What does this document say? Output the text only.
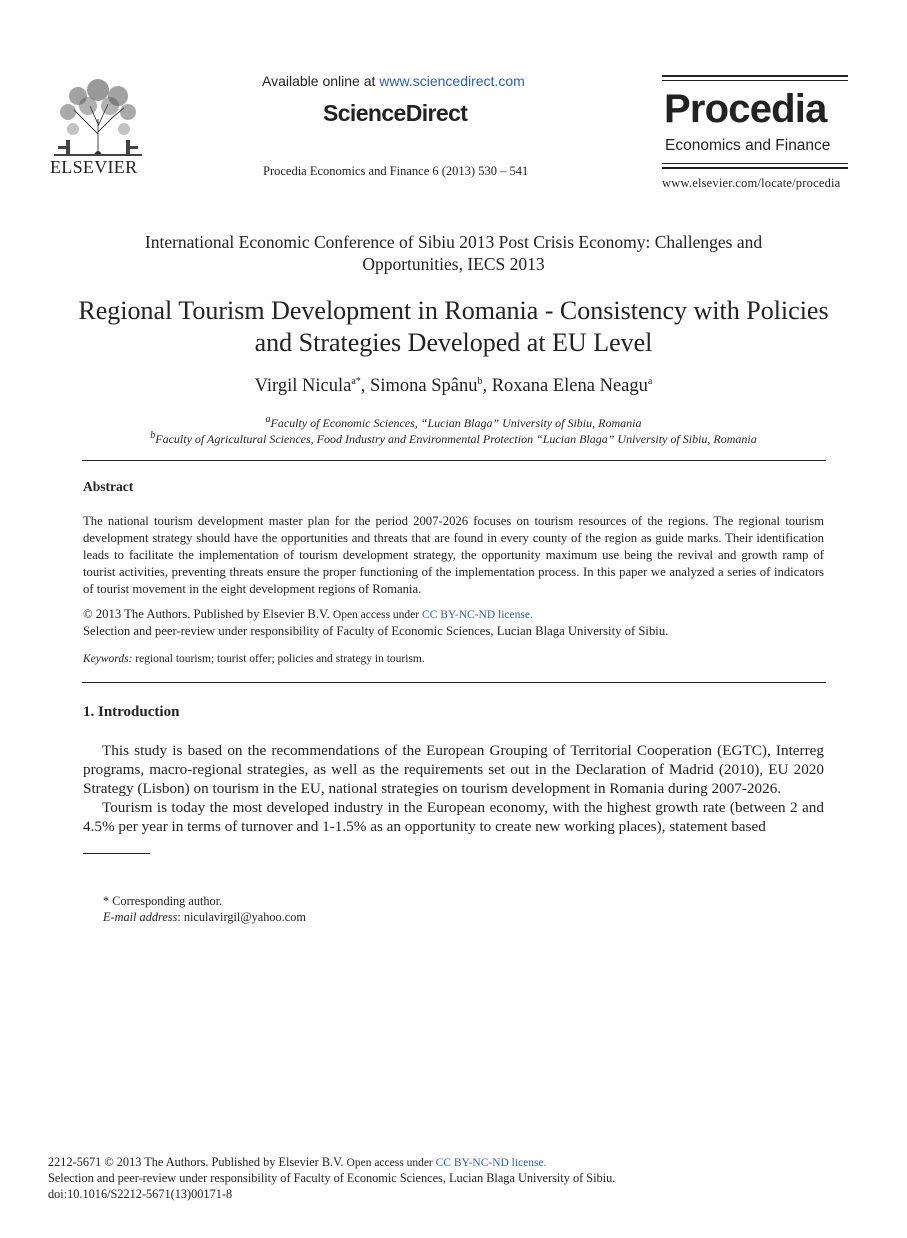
ELSEVIER
Available online at www.sciencedirect.com
ScienceDirect
Procedia Economics and Finance 6 (2013) 530 – 541
Procedia
Economics and Finance
www.elsevier.com/locate/procedia
International Economic Conference of Sibiu 2013 Post Crisis Economy: Challenges and Opportunities, IECS 2013
Regional Tourism Development in Romania - Consistency with Policies and Strategies Developed at EU Level
Virgil Nicula$^{a*}$, Simona Spânu$^b$, Roxana Elena Neagu$^a$
$^a$Faculty of Economic Sciences, “Lucian Blaga” University of Sibiu, Romania
$^b$Faculty of Agricultural Sciences, Food Industry and Environmental Protection “Lucian Blaga” University of Sibiu, Romania
Abstract
The national tourism development master plan for the period 2007-2026 focuses on tourism resources of the regions. The regional tourism development strategy should have the opportunities and threats that are found in every county of the region as guide marks. Their identification leads to facilitate the implementation of tourism development strategy, the opportunity maximum use being the revival and growth ramp of tourist activities, preventing threats ensure the proper functioning of the implementation process. In this paper we analyzed a series of indicators of tourist movement in the eight development regions of Romania.
© 2013 The Authors. Published by Elsevier B.V. Open access under CC BY-NC-ND license.
Selection and peer-review under responsibility of Faculty of Economic Sciences, Lucian Blaga University of Sibiu.
Keywords: regional tourism; tourist offer; policies and strategy in tourism.
1. Introduction

This study is based on the recommendations of the European Grouping of Territorial Cooperation (EGTC), Interreg programs, macro-regional strategies, as well as the requirements set out in the Declaration of Madrid (2010), EU 2020 Strategy (Lisbon) on tourism in the EU, national strategies on tourism development in Romania during 2007-2026.

Tourism is today the most developed industry in the European economy, with the highest growth rate (between 2 and 4.5% per year in terms of turnover and 1-1.5% as an opportunity to create new working places), statement based

* Corresponding author.
E-mail address: niculavirgil@yahoo.com
2212-5671 © 2013 The Authors. Published by Elsevier B.V. Open access under CC BY-NC-ND license.
Selection and peer-review under responsibility of Faculty of Economic Sciences, Lucian Blaga University of Sibiu.
doi:10.1016/S2212-5671(13)00171-8
